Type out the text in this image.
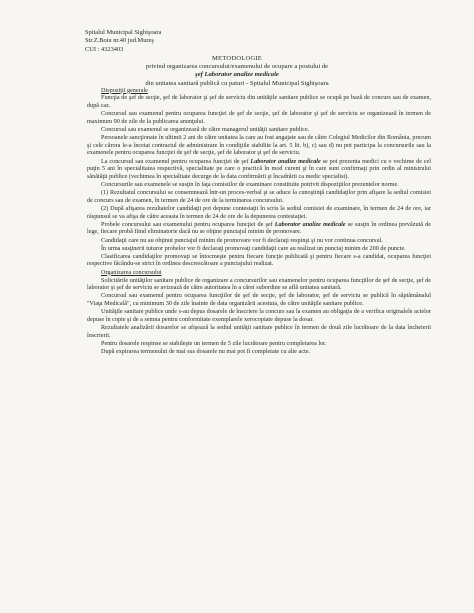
Spitalul Municipal Sighişoara
Str.Z.Boiu nr.40 jud.Mureş
CUI : 4323403
METODOLOGIE
privind organizarea concursului/examenului de ocupare a postului de
şef Laborator analize medicale
din unitatea sanitară publică cu paturi - Spitalul Municipal Sighişoara

Dispoziţii generale

Funcţia de şef de secţie, şef de laborator şi şef de serviciu din unităţile sanitare publice se ocupă pe bază de concurs sau de examen, după caz.

Concursul sau examenul pentru ocuparea funcţiei de şef de secţie, şef de laborator şi şef de serviciu se organizează în termen de maximum 90 de zile de la publicarea anunţului.

Concursul sau examenul se organizează de către managerul unităţii sanitare publice.

Persoanele sancţionate în ultimii 2 ani de către unitatea la care au fost angajate sau de către Colegiul Medicilor din România, precum şi cele cărora le-a încetat contractul de administrare în condiţiile stabilite la art. 5 lit. b), c) sau d) nu pot participa la concursurile sau la examenele pentru ocuparea funcţiei de şef de secţie, şef de laborator şi şef de serviciu.

La concursul sau examenul pentru ocuparea funcţiei de şef Laborator analize medicale se pot prezenta medici cu o vechime de cel puţin 5 ani în specialitatea respectivă, specialitate pe care o practică în mod curent şi în care sunt confirmaţi prin ordin al ministrului sănătăţii publice (vechimea în specialitate decurge de la data confirmării şi încadrării ca medic specialist).

Concursurile sau examenele se susţin în faţa comisiilor de examinare constituite potrivit dispoziţiilor prezentelor norme.

(1) Rezultatul concursului se consemnează într-un proces-verbal şi se aduce la cunoştinţă candidaţilor prin afişare la sediul comisiei de concurs sau de examen, în termen de 24 de ore de la terminarea concursului.

(2) După afişarea rezultatelor candidaţii pot depune contestaţii în scris la sediul comisiei de examinare, în termen de 24 de ore, iar răspunsul se va afişa de către aceasta în termen de 24 de ore de la depunerea contestaţiei.

Probele concursului sau examenului pentru ocuparea funcţiei de şef Laborator analize medicale se susţin în ordinea prevăzută de lege, fiecare probă fiind eliminatorie dacă nu se obţine punctajul minim de promovare.

Candidaţii care nu au obţinut punctajul minim de promovare vor fi declaraţi respinşi şi nu vor continua concursul.

În urma susţinerii tuturor probelor vor fi declaraţi promovaţi candidaţii care au realizat un punctaj minim de 200 de puncte.

Clasificarea candidaţilor promovaţi se întocmeşte pentru fiecare funcţie publicată şi pentru fiecare s-a candidat, ocuparea funcţiei respective făcându-se strict în ordinea descrescătoare a punctajului realizat.

Organizarea concursului

Solicitările unităţilor sanitare publice de organizare a concursurilor sau examenelor pentru ocuparea funcţiilor de şef de secţie, şef de laborator şi şef de serviciu se avizează de către autoritatea în a cărei subordine se află unitatea sanitară.

Concursul sau examenul pentru ocuparea funcţiilor de şef de secţie, şef de laborator, şef de serviciu se publică în săptămânalul "Viaţa Medicală", cu minimum 30 de zile înainte de data organizării acestuia, de către unităţile sanitare publice.

Unităţile sanitare publice unde s-au depus dosarele de înscriere la concurs sau la examen au obligaţia de a verifica originalele actelor depuse în copie şi de a semna pentru conformitate exemplarele xerocopiate depuse la dosar.

Rezultatele analizării dosarelor se afişează la sediul unităţii sanitare publice în termen de două zile lucrătoare de la data încheierii înscrierii.

Pentru dosarele respinse se stabileşte un termen de 5 zile lucrătoare pentru completarea lor.

După expirarea termenului de mai sus dosarele nu mai pot fi completate cu alte acte.
